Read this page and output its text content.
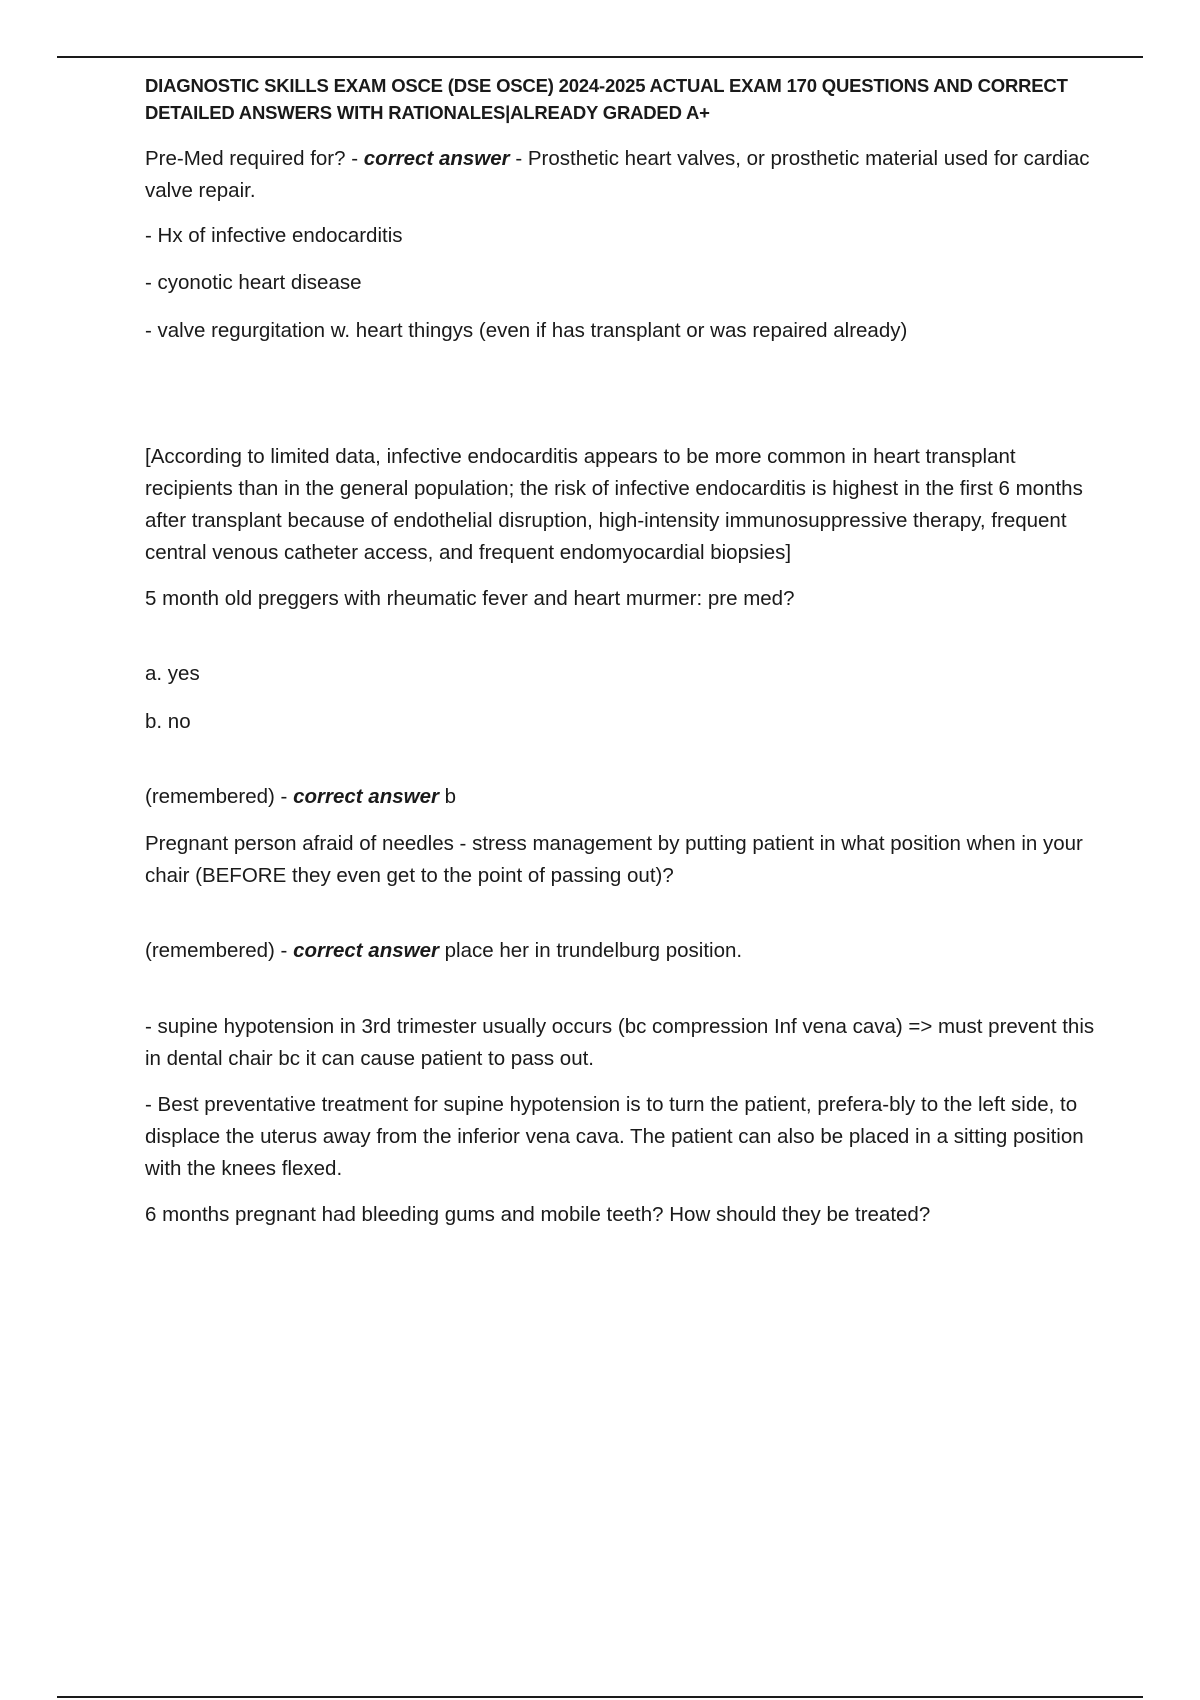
DIAGNOSTIC SKILLS EXAM OSCE (DSE OSCE) 2024-2025 ACTUAL EXAM 170 QUESTIONS AND CORRECT DETAILED ANSWERS WITH RATIONALES|ALREADY GRADED A+

Pre-Med required for? - correct answer - Prosthetic heart valves, or prosthetic material used for cardiac valve repair.

- Hx of infective endocarditis

- cyonotic heart disease

- valve regurgitation w. heart thingys (even if has transplant or was repaired already)

[According to limited data, infective endocarditis appears to be more common in heart transplant recipients than in the general population; the risk of infective endocarditis is highest in the first 6 months after transplant because of endothelial disruption, high-intensity immunosuppressive therapy, frequent central venous catheter access, and frequent endomyocardial biopsies]

5 month old preggers with rheumatic fever and heart murmer: pre med?

a. yes

b. no

(remembered) - correct answer b

Pregnant person afraid of needles - stress management by putting patient in what position when in your chair (BEFORE they even get to the point of passing out)?

(remembered) - correct answer place her in trundelburg position.

- supine hypotension in 3rd trimester usually occurs (bc compression Inf vena cava) => must prevent this in dental chair bc it can cause patient to pass out.

- Best preventative treatment for supine hypotension is to turn the patient, prefera-bly to the left side, to displace the uterus away from the inferior vena cava. The patient can also be placed in a sitting position with the knees flexed.

6 months pregnant had bleeding gums and mobile teeth? How should they be treated?
